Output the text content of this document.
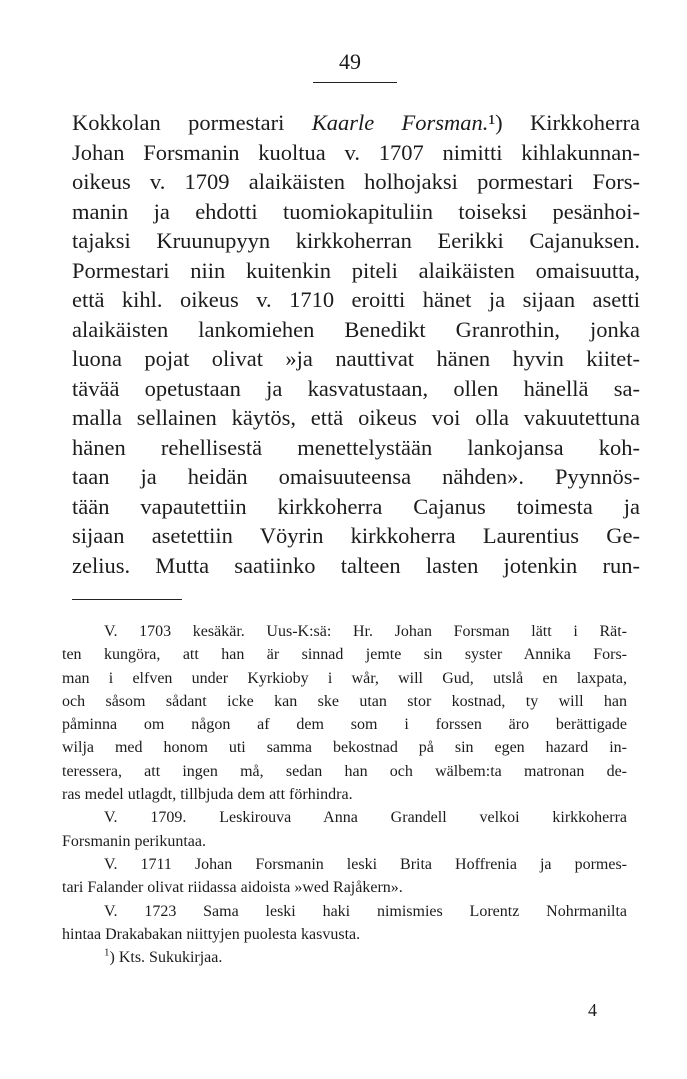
49
Kokkolan pormestari Kaarle Forsman.¹) Kirkkoherra
Johan Forsmanin kuoltua v. 1707 nimitti kihlakunnan-
oikeus v. 1709 alaikäisten holhojaksi pormestari Fors-
manin ja ehdotti tuomiokapituliin toiseksi pesänhoi-
tajaksi Kruunupyyn kirkkoherran Eerikki Cajanuksen.
Pormestari niin kuitenkin piteli alaikäisten omaisuutta,
että kihl. oikeus v. 1710 eroitti hänet ja sijaan asetti
alaikäisten lankomiehen Benedikt Granrothin, jonka
luona pojat olivat »ja nauttivat hänen hyvin kiitet-
tävää opetustaan ja kasvatustaan, ollen hänellä sa-
malla sellainen käytös, että oikeus voi olla vakuutettuna
hänen rehellisestä menettelystään lankojansa koh-
taan ja heidän omaisuuteensa nähden». Pyynnös-
tään vapautettiin kirkkoherra Cajanus toimesta ja
sijaan asetettiin Vöyrin kirkkoherra Laurentius Ge-
zelius. Mutta saatiinko talteen lasten jotenkin run-
V. 1703 kesäkär. Uus-K:sä: Hr. Johan Forsman lätt i Rät-
ten kungöra, att han är sinnad jemte sin syster Annika Fors-
man i elfven under Kyrkioby i wår, will Gud, utslå en laxpata,
och såsom sådant icke kan ske utan stor kostnad, ty will han
påminna om någon af dem som i forssen äro berättigade
wilja med honom uti samma bekostnad på sin egen hazard in-
teressera, att ingen må, sedan han och wälbem:ta matronan de-
ras medel utlagdt, tillbjuda dem att förhindra.
V. 1709. Leskirouva Anna Grandell velkoi kirkkoherra
Forsmanin perikuntaa.
V. 1711 Johan Forsmanin leski Brita Hoffrenia ja pormes-
tari Falander olivat riidassa aidoista »wed Rajåkern».
V. 1723 Sama leski haki nimismies Lorentz Nohrmanilta
hintaa Drakabakan niittyjen puolesta kasvusta.
$^1$) Kts. Sukukirjaa.
4
